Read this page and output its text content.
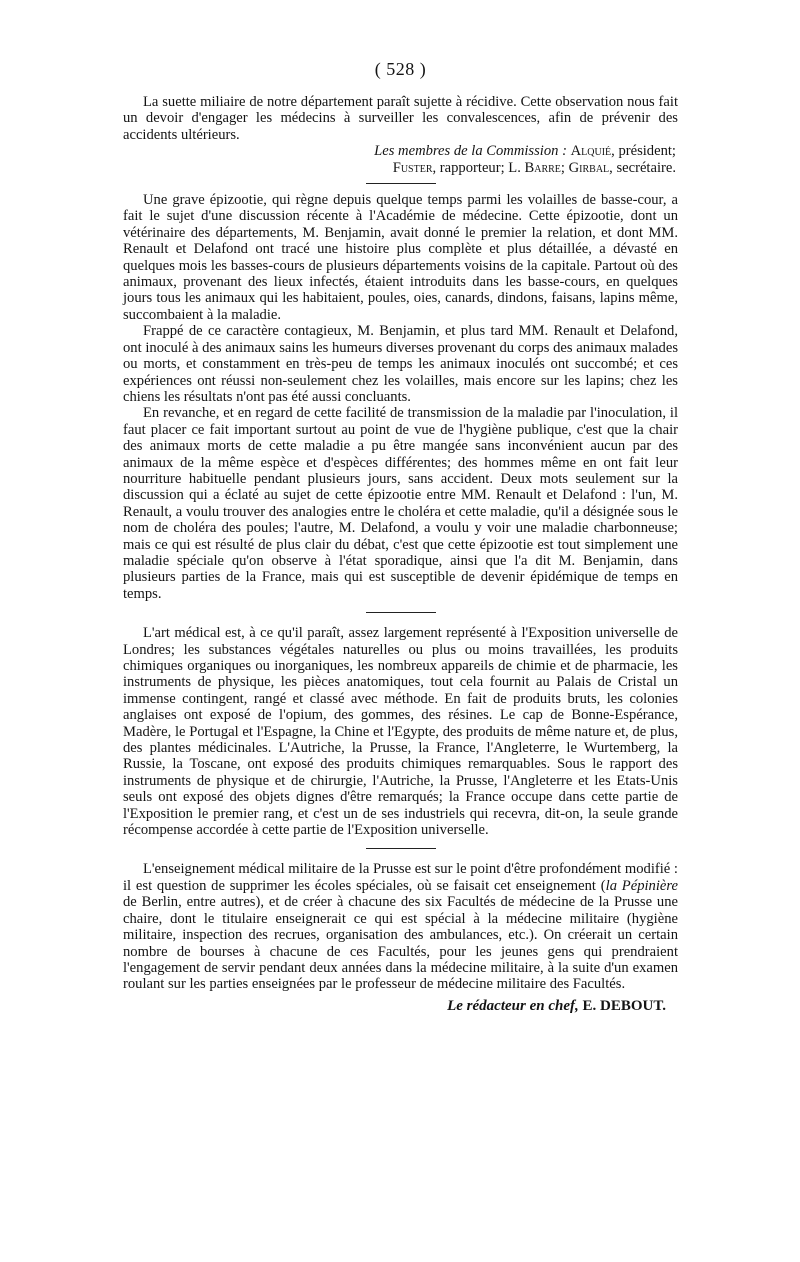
( 528 )

La suette miliaire de notre département paraît sujette à récidive. Cette observation nous fait un devoir d'engager les médecins à surveiller les convalescences, afin de prévenir des accidents ultérieurs.

Les membres de la Commission : Alquié, président;
Fuster, rapporteur; L. Barre; Girbal, secrétaire.

Une grave épizootie, qui règne depuis quelque temps parmi les volailles de basse-cour, a fait le sujet d'une discussion récente à l'Académie de médecine. Cette épizootie, dont un vétérinaire des départements, M. Benjamin, avait donné le premier la relation, et dont MM. Renault et Delafond ont tracé une histoire plus complète et plus détaillée, a dévasté en quelques mois les basses-cours de plusieurs départements voisins de la capitale. Partout où des animaux, provenant des lieux infectés, étaient introduits dans les basse-cours, en quelques jours tous les animaux qui les habitaient, poules, oies, canards, dindons, faisans, lapins même, succombaient à la maladie.

Frappé de ce caractère contagieux, M. Benjamin, et plus tard MM. Renault et Delafond, ont inoculé à des animaux sains les humeurs diverses provenant du corps des animaux malades ou morts, et constamment en très-peu de temps les animaux inoculés ont succombé; et ces expériences ont réussi non-seulement chez les volailles, mais encore sur les lapins; chez les chiens les résultats n'ont pas été aussi concluants.

En revanche, et en regard de cette facilité de transmission de la maladie par l'inoculation, il faut placer ce fait important surtout au point de vue de l'hygiène publique, c'est que la chair des animaux morts de cette maladie a pu être mangée sans inconvénient aucun par des animaux de la même espèce et d'espèces différentes; des hommes même en ont fait leur nourriture habituelle pendant plusieurs jours, sans accident. Deux mots seulement sur la discussion qui a éclaté au sujet de cette épizootie entre MM. Renault et Delafond : l'un, M. Renault, a voulu trouver des analogies entre le choléra et cette maladie, qu'il a désignée sous le nom de choléra des poules; l'autre, M. Delafond, a voulu y voir une maladie charbonneuse; mais ce qui est résulté de plus clair du débat, c'est que cette épizootie est tout simplement une maladie spéciale qu'on observe à l'état sporadique, ainsi que l'a dit M. Benjamin, dans plusieurs parties de la France, mais qui est susceptible de devenir épidémique de temps en temps.

L'art médical est, à ce qu'il paraît, assez largement représenté à l'Exposition universelle de Londres; les substances végétales naturelles ou plus ou moins travaillées, les produits chimiques organiques ou inorganiques, les nombreux appareils de chimie et de pharmacie, les instruments de physique, les pièces anatomiques, tout cela fournit au Palais de Cristal un immense contingent, rangé et classé avec méthode. En fait de produits bruts, les colonies anglaises ont exposé de l'opium, des gommes, des résines. Le cap de Bonne-Espérance, Madère, le Portugal et l'Espagne, la Chine et l'Egypte, des produits de même nature et, de plus, des plantes médicinales. L'Autriche, la Prusse, la France, l'Angleterre, le Wurtemberg, la Russie, la Toscane, ont exposé des produits chimiques remarquables. Sous le rapport des instruments de physique et de chirurgie, l'Autriche, la Prusse, l'Angleterre et les Etats-Unis seuls ont exposé des objets dignes d'être remarqués; la France occupe dans cette partie de l'Exposition le premier rang, et c'est un de ses industriels qui recevra, dit-on, la seule grande récompense accordée à cette partie de l'Exposition universelle.

L'enseignement médical militaire de la Prusse est sur le point d'être profondément modifié : il est question de supprimer les écoles spéciales, où se faisait cet enseignement (la Pépinière de Berlin, entre autres), et de créer à chacune des six Facultés de médecine de la Prusse une chaire, dont le titulaire enseignerait ce qui est spécial à la médecine militaire (hygiène militaire, inspection des recrues, organisation des ambulances, etc.). On créerait un certain nombre de bourses à chacune de ces Facultés, pour les jeunes gens qui prendraient l'engagement de servir pendant deux années dans la médecine militaire, à la suite d'un examen roulant sur les parties enseignées par le professeur de médecine militaire des Facultés.

Le rédacteur en chef, E. DEBOUT.
